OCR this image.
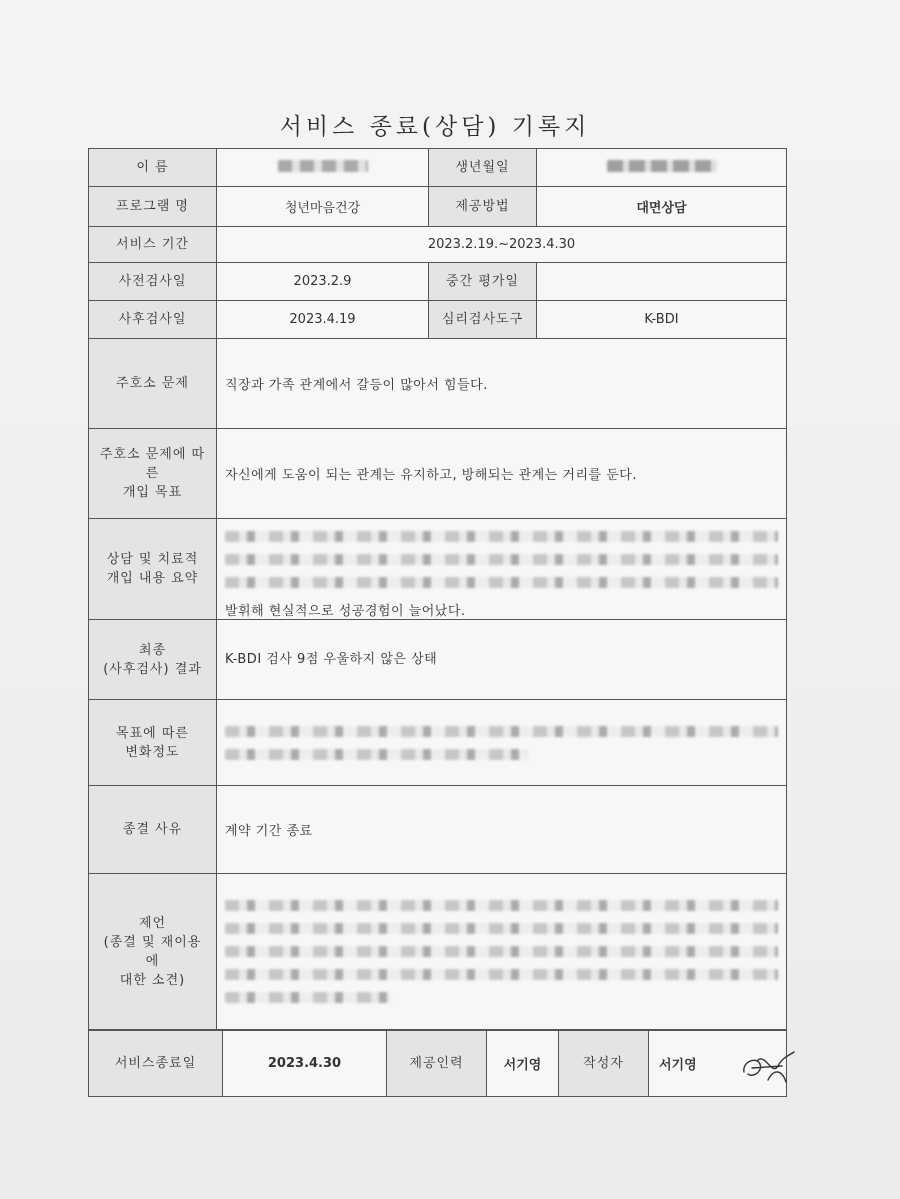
서비스 종료(상담) 기록지
이 름		생년월일	
프로그램 명	청년마음건강	제공방법	대면상담
서비스 기간	2023.2.19.~2023.4.30		
사전검사일	2023.2.9	중간 평가일	
사후검사일	2023.4.19	심리검사도구	K-BDI
주호소 문제	직장과 가족 관계에서 갈등이 많아서 힘들다.		

주호소 문제에 따른
개입 목표	자신에게 도움이 되는 관계는 유지하고, 방해되는 관계는 거리를 둔다.		

상담 및 치료적
개입 내용 요약	발휘해 현실적으로 성공경험이 늘어났다.		

최종
(사후검사) 결과	K-BDI 검사 9점 우울하지 않은 상태		

목표에 따른
변화정도			

종결 사유	계약 기간 종료		

제언
(종결 및 재이용에
대한 소견)			

서비스종료일	2023.4.30	제공인력	서기영	작성자	서기영
